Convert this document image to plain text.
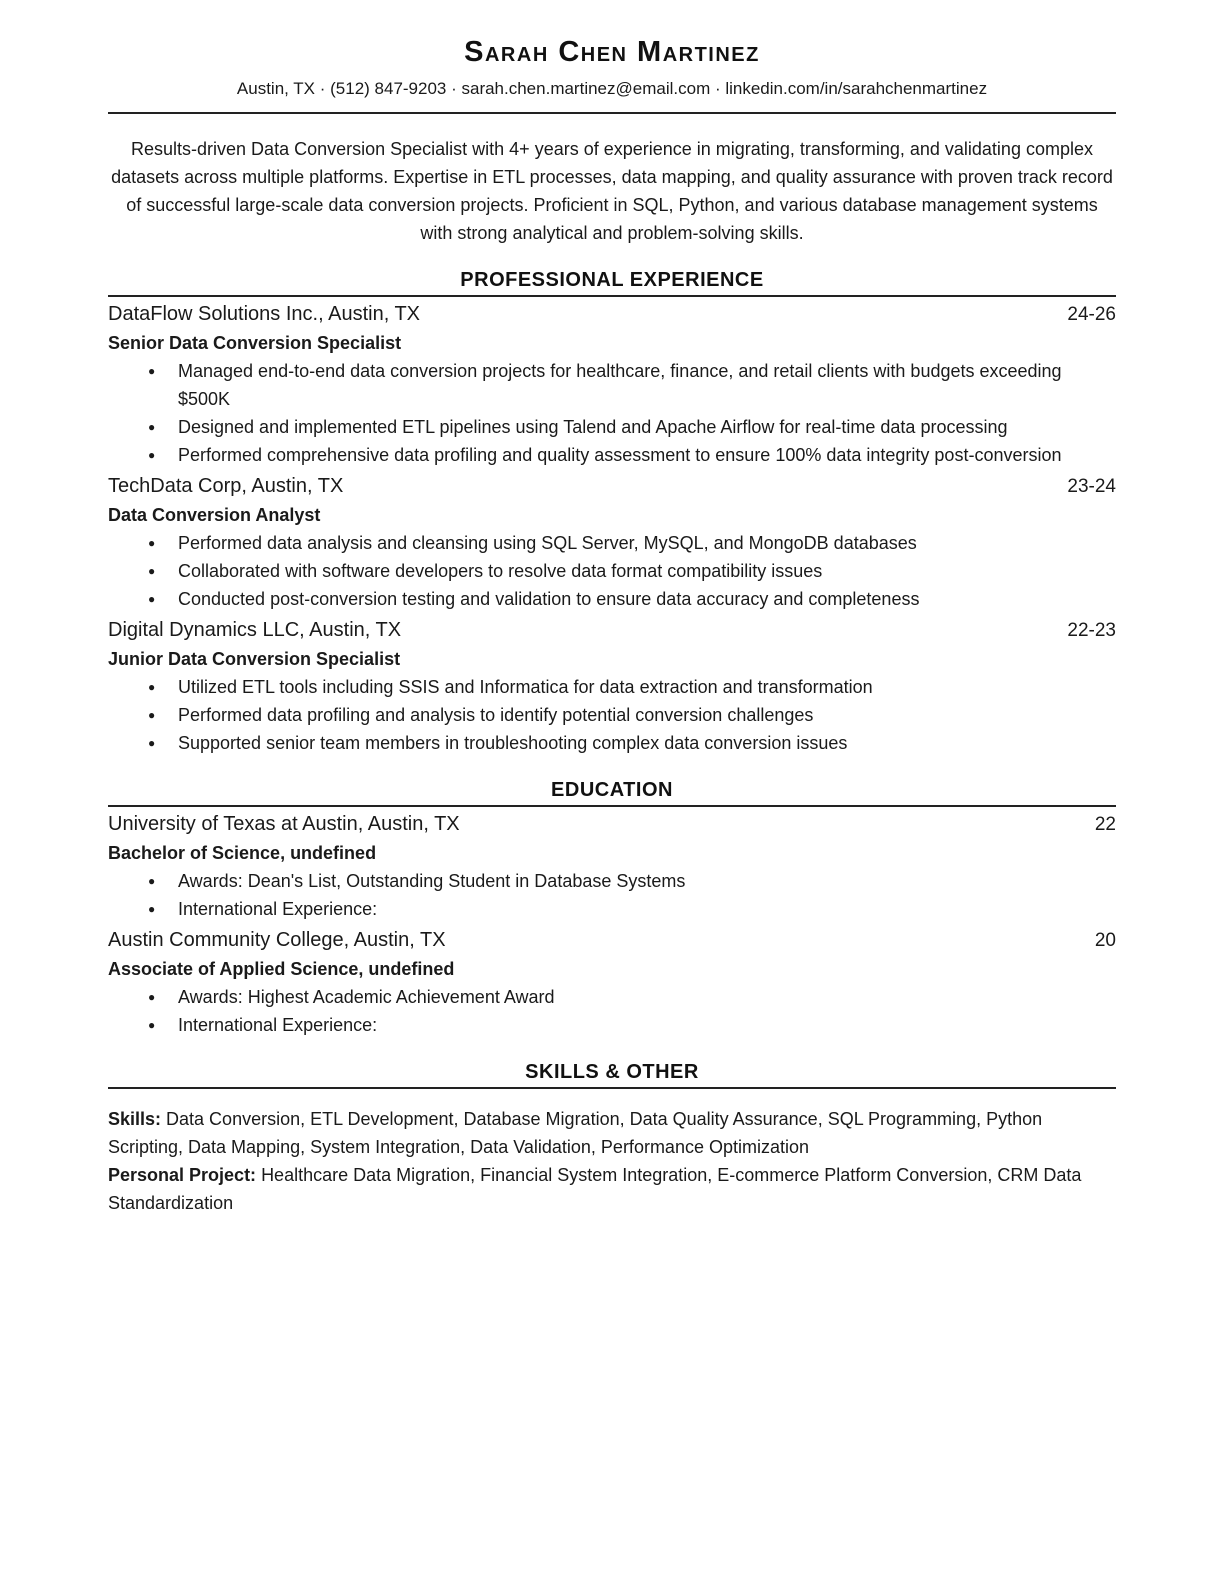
Sarah Chen Martinez
Austin, TX · (512) 847-9203 · sarah.chen.martinez@email.com · linkedin.com/in/sarahchenmartinez

Results-driven Data Conversion Specialist with 4+ years of experience in migrating, transforming, and validating complex datasets across multiple platforms. Expertise in ETL processes, data mapping, and quality assurance with proven track record of successful large-scale data conversion projects. Proficient in SQL, Python, and various database management systems with strong analytical and problem-solving skills.

PROFESSIONAL EXPERIENCE
DataFlow Solutions Inc., Austin, TX	24-26
Senior Data Conversion Specialist
● Managed end-to-end data conversion projects for healthcare, finance, and retail clients with budgets exceeding $500K
● Designed and implemented ETL pipelines using Talend and Apache Airflow for real-time data processing
● Performed comprehensive data profiling and quality assessment to ensure 100% data integrity post-conversion
TechData Corp, Austin, TX	23-24
Data Conversion Analyst
● Performed data analysis and cleansing using SQL Server, MySQL, and MongoDB databases
● Collaborated with software developers to resolve data format compatibility issues
● Conducted post-conversion testing and validation to ensure data accuracy and completeness
Digital Dynamics LLC, Austin, TX	22-23
Junior Data Conversion Specialist
● Utilized ETL tools including SSIS and Informatica for data extraction and transformation
● Performed data profiling and analysis to identify potential conversion challenges
● Supported senior team members in troubleshooting complex data conversion issues
EDUCATION
University of Texas at Austin, Austin, TX	22
Bachelor of Science, undefined
● Awards: Dean's List, Outstanding Student in Database Systems
● International Experience:
Austin Community College, Austin, TX	20
Associate of Applied Science, undefined
● Awards: Highest Academic Achievement Award
● International Experience:
SKILLS & OTHER

Skills: Data Conversion, ETL Development, Database Migration, Data Quality Assurance, SQL Programming, Python Scripting, Data Mapping, System Integration, Data Validation, Performance Optimization

Personal Project: Healthcare Data Migration, Financial System Integration, E-commerce Platform Conversion, CRM Data Standardization
